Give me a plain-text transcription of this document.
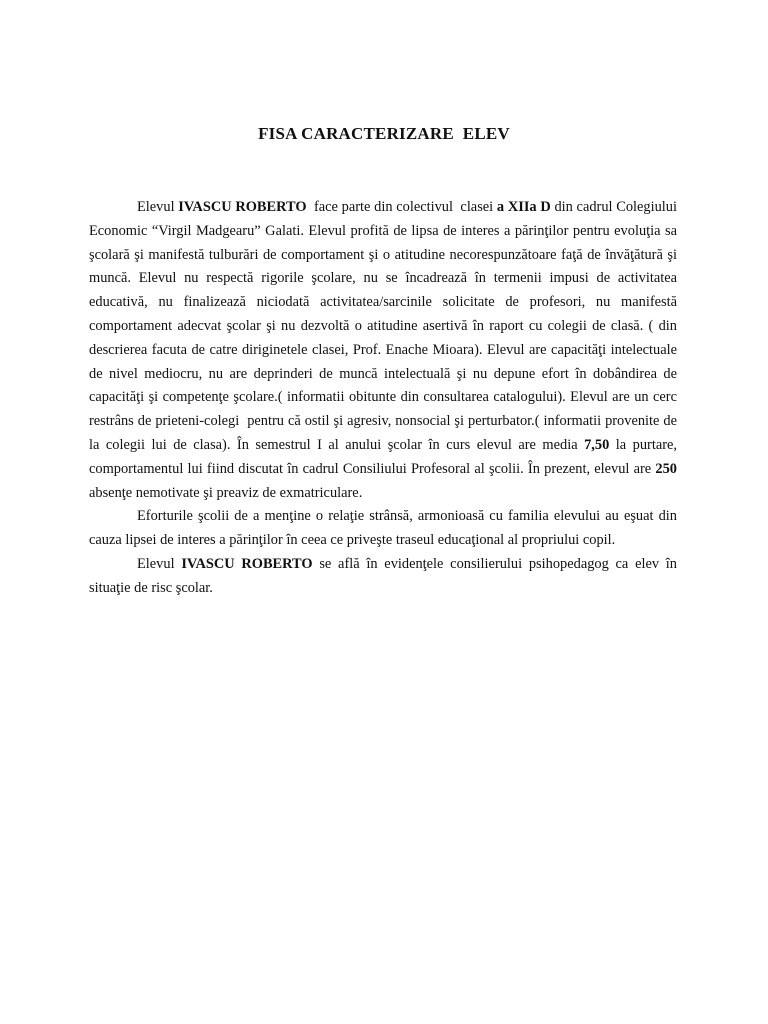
FISA CARACTERIZARE  ELEV

Elevul IVASCU ROBERTO  face parte din colectivul  clasei a XIIa D din cadrul Colegiului Economic “Virgil Madgearu” Galati. Elevul profită de lipsa de interes a părinţilor pentru evoluţia sa şcolară şi manifestă tulburări de comportament şi o atitudine necorespunzătoare faţă de învăţătură şi muncă. Elevul nu respectă rigorile şcolare, nu se încadrează în termenii impusi de activitatea educativă, nu finalizează niciodată activitatea/sarcinile solicitate de profesori, nu manifestă comportament adecvat şcolar şi nu dezvoltă o atitudine asertivă în raport cu colegii de clasă. ( din descrierea facuta de catre diriginetele clasei, Prof. Enache Mioara). Elevul are capacităţi intelectuale de nivel mediocru, nu are deprinderi de muncă intelectuală şi nu depune efort în dobândirea de capacităţi şi competenţe şcolare.( informatii obitunte din consultarea catalogului). Elevul are un cerc restrâns de prieteni-colegi  pentru că ostil şi agresiv, nonsocial şi perturbator.( informatii provenite de la colegii lui de clasa). În semestrul I al anului şcolar în curs elevul are media 7,50 la purtare, comportamentul lui fiind discutat în cadrul Consiliului Profesoral al şcolii. În prezent, elevul are 250 absenţe nemotivate şi preaviz de exmatriculare.

Eforturile şcolii de a menţine o relaţie strânsă, armonioasă cu familia elevului au eşuat din cauza lipsei de interes a părinţilor în ceea ce priveşte traseul educaţional al propriului copil.

Elevul IVASCU ROBERTO se află în evidenţele consilierului psihopedagog ca elev în situaţie de risc şcolar.
